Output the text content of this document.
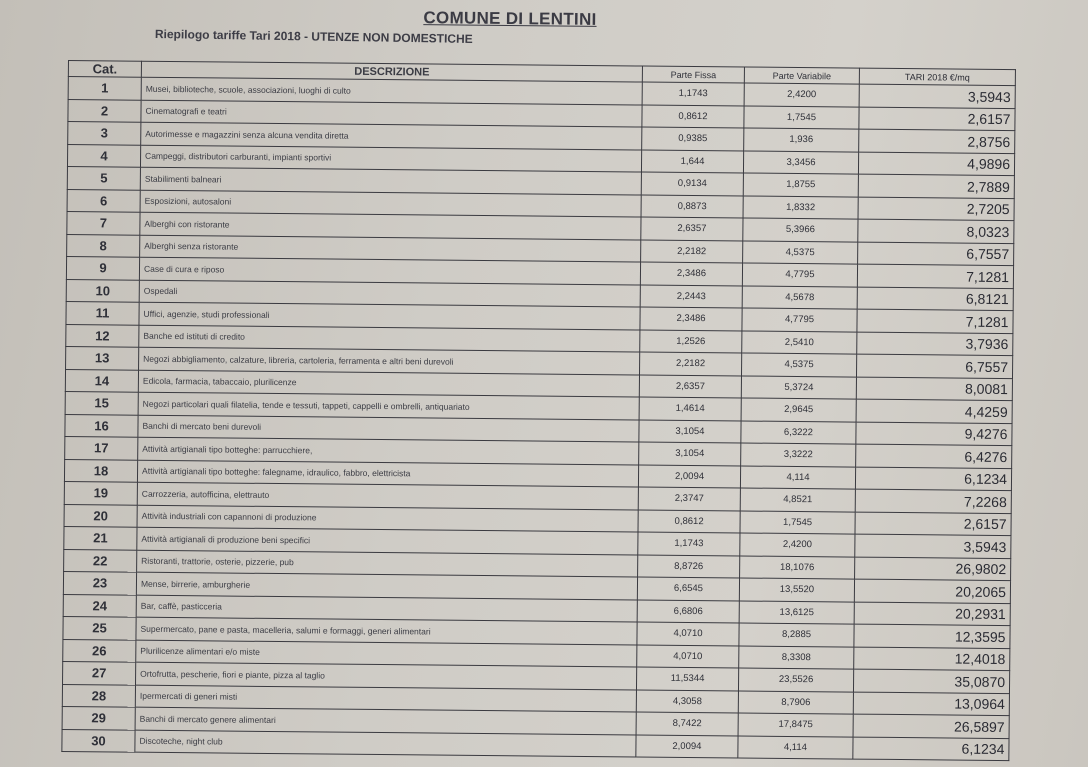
COMUNE DI LENTINI
Riepilogo tariffe Tari 2018 - UTENZE NON DOMESTICHE
Cat.	DESCRIZIONE	Parte Fissa	Parte Variabile	TARI 2018 €/mq
1	Musei, biblioteche, scuole, associazioni, luoghi di culto	1,1743	2,4200	3,5943
2	Cinematografi e teatri	0,8612	1,7545	2,6157
3	Autorimesse e magazzini senza alcuna vendita diretta	0,9385	1,936	2,8756
4	Campeggi, distributori carburanti, impianti sportivi	1,644	3,3456	4,9896
5	Stabilimenti balneari	0,9134	1,8755	2,7889
6	Esposizioni, autosaloni	0,8873	1,8332	2,7205
7	Alberghi con ristorante	2,6357	5,3966	8,0323
8	Alberghi senza ristorante	2,2182	4,5375	6,7557
9	Case di cura e riposo	2,3486	4,7795	7,1281
10	Ospedali	2,2443	4,5678	6,8121
11	Uffici, agenzie, studi professionali	2,3486	4,7795	7,1281
12	Banche ed istituti di credito	1,2526	2,5410	3,7936
13	Negozi abbigliamento, calzature, libreria, cartoleria, ferramenta e altri beni durevoli	2,2182	4,5375	6,7557
14	Edicola, farmacia, tabaccaio, plurilicenze	2,6357	5,3724	8,0081
15	Negozi particolari quali filatelia, tende e tessuti, tappeti, cappelli e ombrelli, antiquariato	1,4614	2,9645	4,4259
16	Banchi di mercato beni durevoli	3,1054	6,3222	9,4276
17	Attività artigianali tipo botteghe: parrucchiere,	3,1054	3,3222	6,4276
18	Attività artigianali tipo botteghe: falegname, idraulico, fabbro, elettricista	2,0094	4,114	6,1234
19	Carrozzeria, autofficina, elettrauto	2,3747	4,8521	7,2268
20	Attività industriali con capannoni di produzione	0,8612	1,7545	2,6157
21	Attività artigianali di produzione beni specifici	1,1743	2,4200	3,5943
22	Ristoranti, trattorie, osterie, pizzerie, pub	8,8726	18,1076	26,9802
23	Mense, birrerie, amburgherie	6,6545	13,5520	20,2065
24	Bar, caffè, pasticceria	6,6806	13,6125	20,2931
25	Supermercato, pane e pasta, macelleria, salumi e formaggi, generi alimentari	4,0710	8,2885	12,3595
26	Plurilicenze alimentari e/o miste	4,0710	8,3308	12,4018
27	Ortofrutta, pescherie, fiori e piante, pizza al taglio	11,5344	23,5526	35,0870
28	Ipermercati di generi misti	4,3058	8,7906	13,0964
29	Banchi di mercato genere alimentari	8,7422	17,8475	26,5897
30	Discoteche, night club	2,0094	4,114	6,1234
